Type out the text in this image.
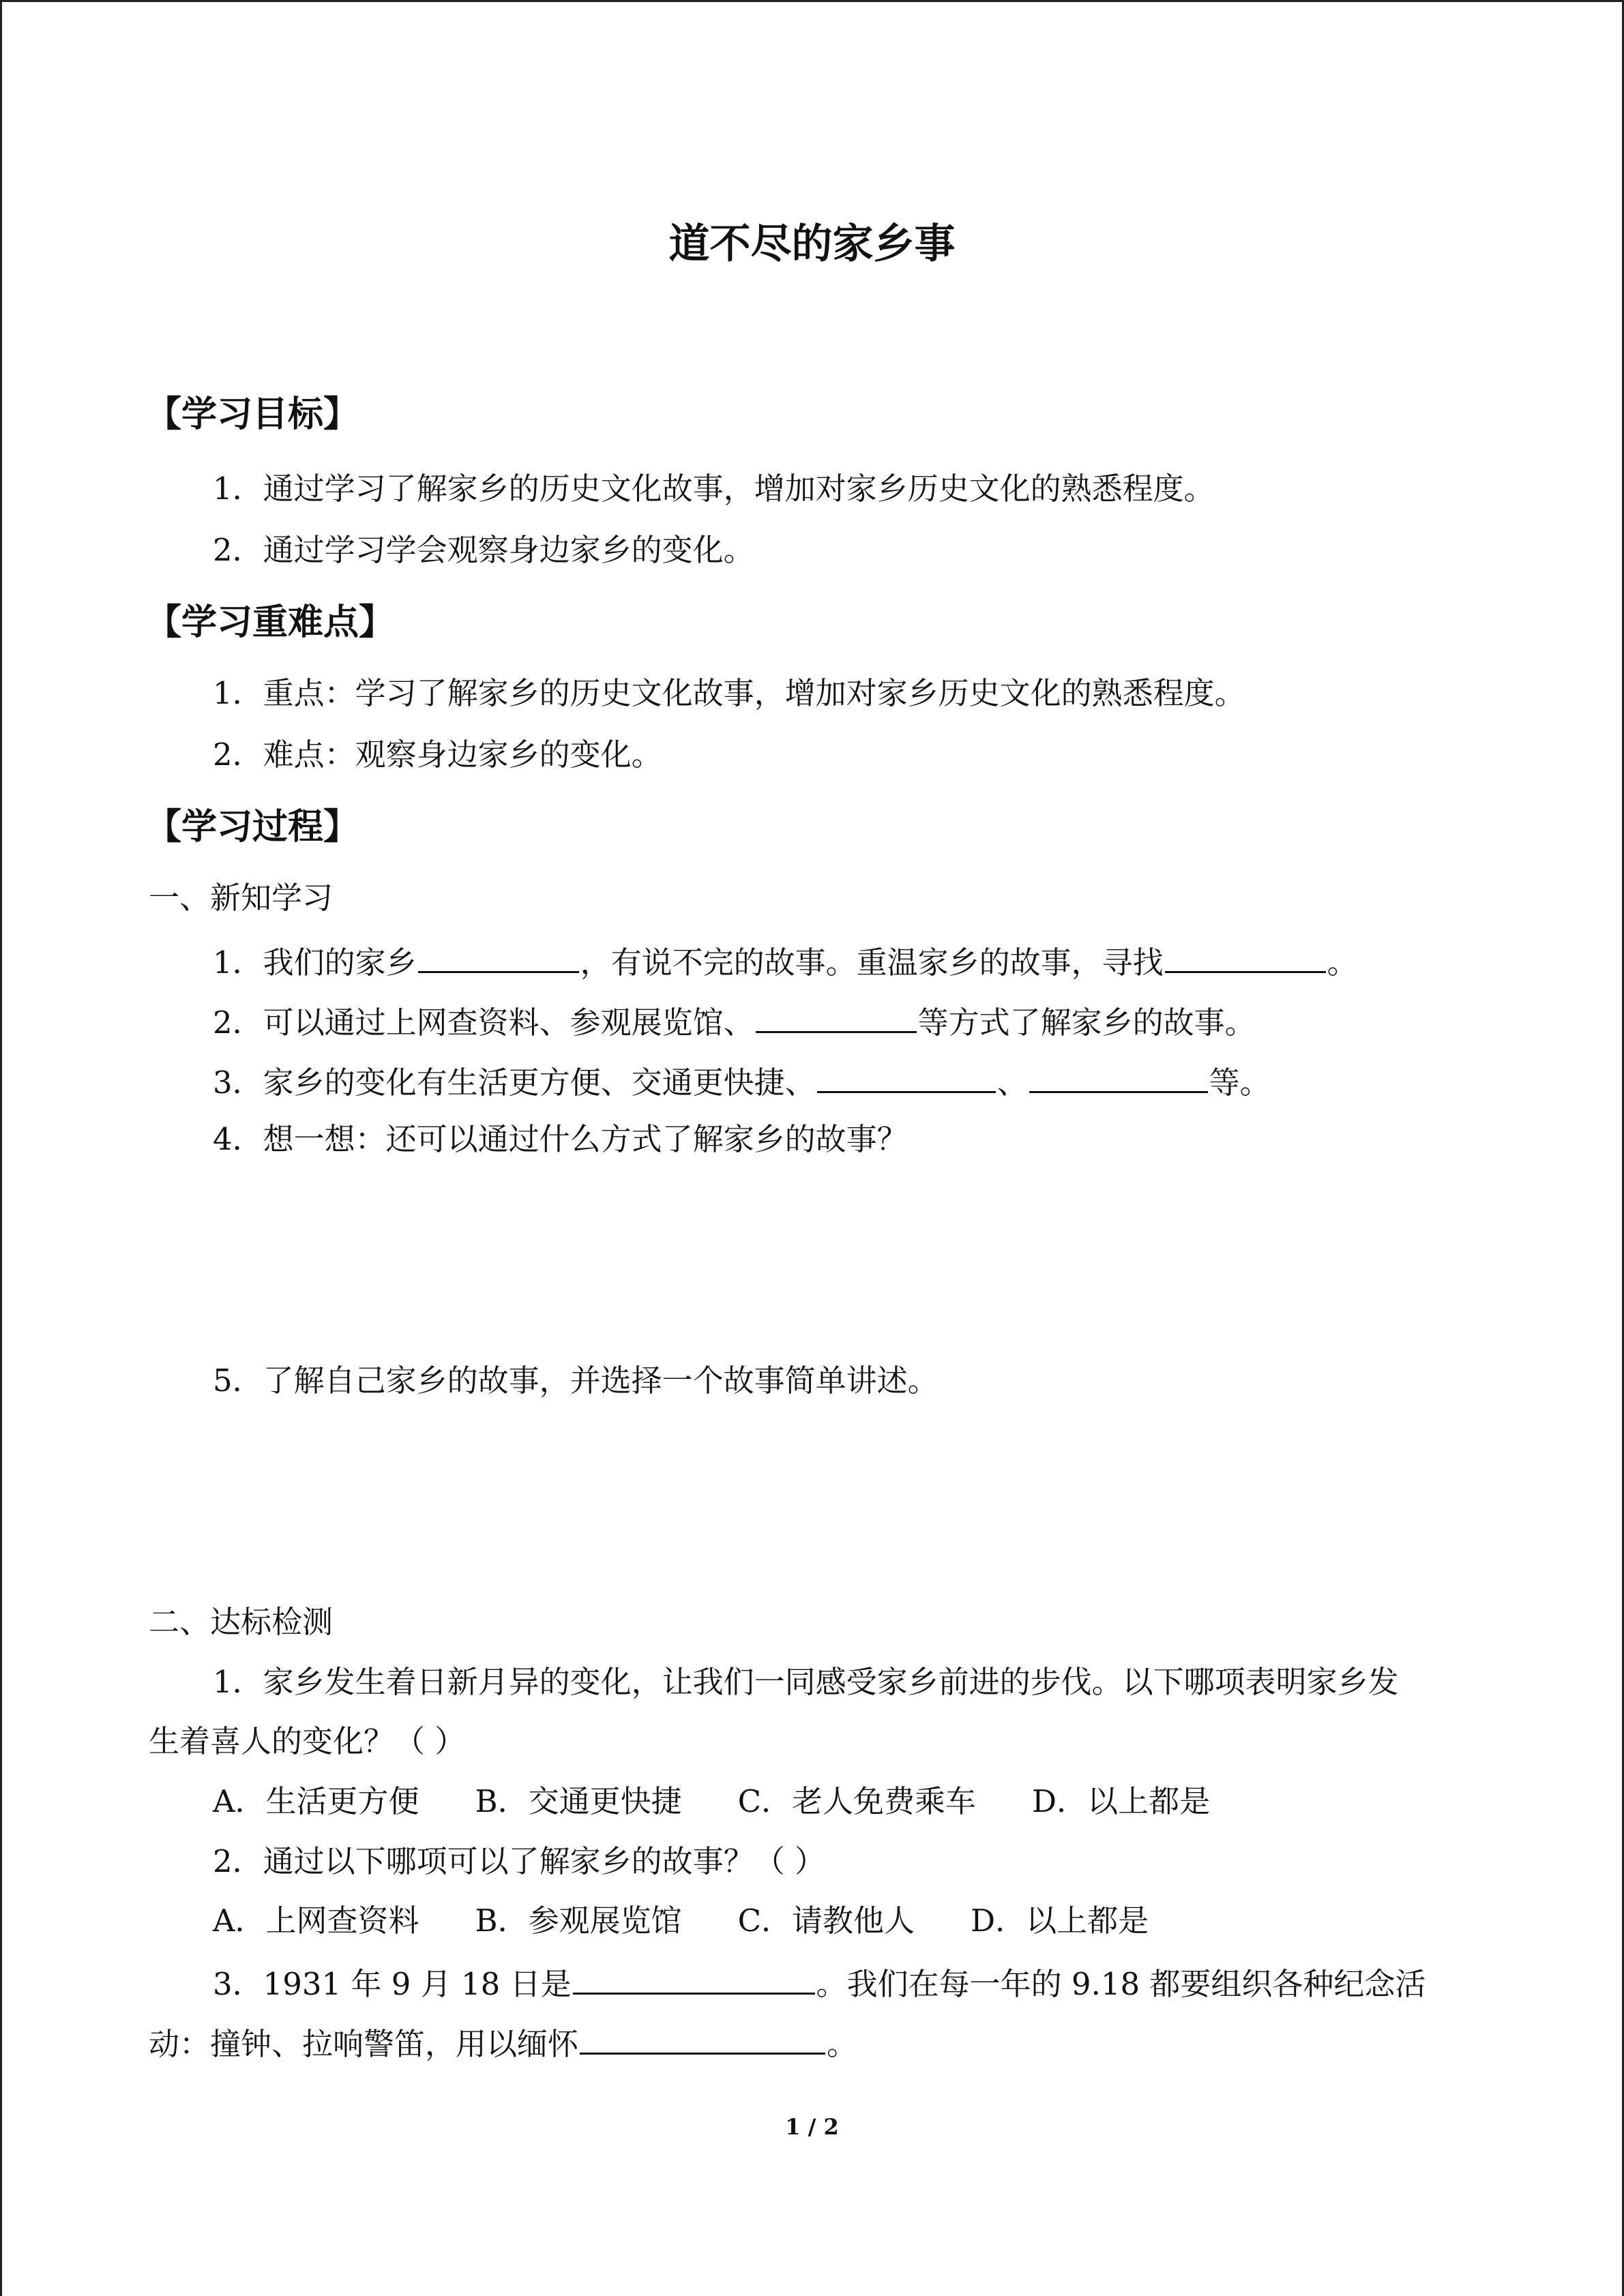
道不尽的家乡事
【学习目标】
1．通过学习了解家乡的历史文化故事，增加对家乡历史文化的熟悉程度。
2．通过学习学会观察身边家乡的变化。
【学习重难点】
1．重点：学习了解家乡的历史文化故事，增加对家乡历史文化的熟悉程度。
2．难点：观察身边家乡的变化。
【学习过程】
一、新知学习
1．我们的家乡	，有说不完的故事。重温家乡的故事，寻找	。
2．可以通过上网查资料、参观展览馆、	等方式了解家乡的故事。
3．家乡的变化有生活更方便、交通更快捷、	、	等。
4．想一想：还可以通过什么方式了解家乡的故事？
5．了解自己家乡的故事，并选择一个故事简单讲述。
二、达标检测
1．家乡发生着日新月异的变化，让我们一同感受家乡前进的步伐。以下哪项表明家乡发
生着喜人的变化？（ ）
A．生活更方便 B．交通更快捷 C．老人免费乘车 D．以上都是
2．通过以下哪项可以了解家乡的故事？（ ）
A．上网查资料 B．参观展览馆 C．请教他人 D．以上都是
3．1931 年 9 月 18 日是	。我们在每一年的 9.18 都要组织各种纪念活
动：撞钟、拉响警笛，用以缅怀	。
1 / 2
